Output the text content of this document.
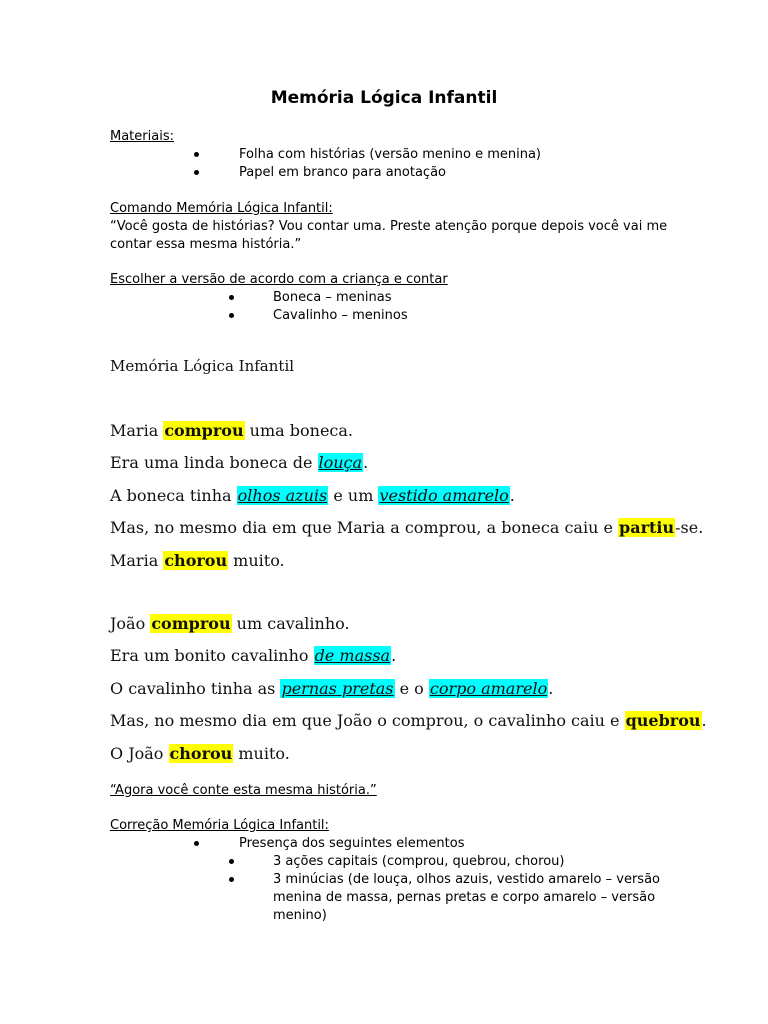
Memória Lógica Infantil
Materiais:
Folha com histórias (versão menino e menina)
Papel em branco para anotação
Comando Memória Lógica Infantil:
“Você gosta de histórias? Vou contar uma. Preste atenção porque depois você vai me
contar essa mesma história.”
Escolher a versão de acordo com a criança e contar
Boneca – meninas
Cavalinho – meninos
Memória Lógica Infantil
Maria comprou uma boneca.
Era uma linda boneca de louça.
A boneca tinha olhos azuis e um vestido amarelo.
Mas, no mesmo dia em que Maria a comprou, a boneca caiu e partiu-se.
Maria chorou muito.
João comprou um cavalinho.
Era um bonito cavalinho de massa.
O cavalinho tinha as pernas pretas e o corpo amarelo.
Mas, no mesmo dia em que João o comprou, o cavalinho caiu e quebrou.
O João chorou muito.
“Agora você conte esta mesma história.”
Correção Memória Lógica Infantil:
Presença dos seguintes elementos
3 ações capitais (comprou, quebrou, chorou)
3 minúcias (de louça, olhos azuis, vestido amarelo – versão
menina de massa, pernas pretas e corpo amarelo – versão
menino)
